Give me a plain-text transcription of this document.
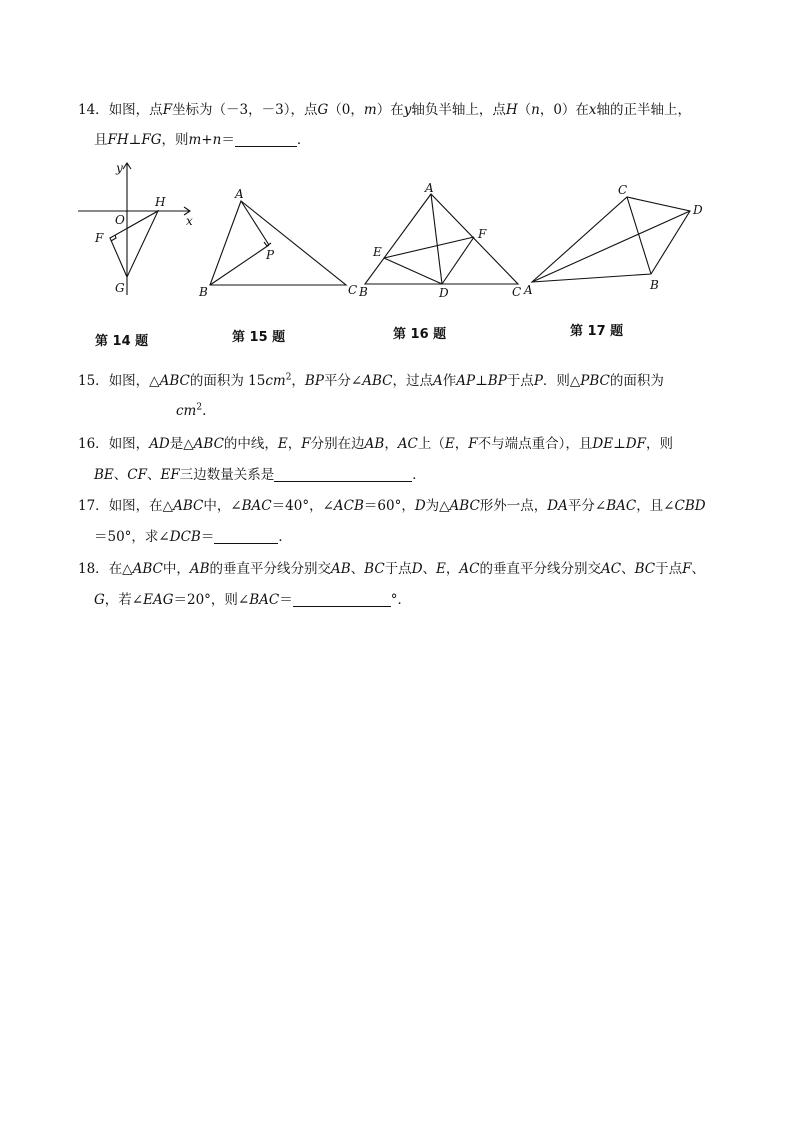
14．如图，点F坐标为（－3，－3），点G（0，m）在y轴负半轴上，点H（n，0）在x轴的正半轴上，
且FH⊥FG，则m+n＝	．
y
x
O
H
F
G
第 14 题
A
B	C
P
第 15 题
A
B	C
D
E
F
第 16 题
A	B
C
D
第 17 题
15．如图，△ABC的面积为 $15cm^2$，BP平分∠ABC，过点A作AP⊥BP于点P．则△PBC的面积为
$cm^2$.
16．如图，AD是△ABC的中线，E，F分别在边AB，AC上（E，F不与端点重合），且DE⊥DF，则
BE、CF、EF三边数量关系是	．
17．如图，在△ABC中，∠BAC＝40°，∠ACB＝60°，D为△ABC形外一点，DA平分∠BAC，且∠CBD
＝50°，求∠DCB＝	．
18．在△ABC中，AB的垂直平分线分别交AB、BC于点D、E，AC的垂直平分线分别交AC、BC于点F、
G，若∠EAG＝20°，则∠BAC＝	°．
